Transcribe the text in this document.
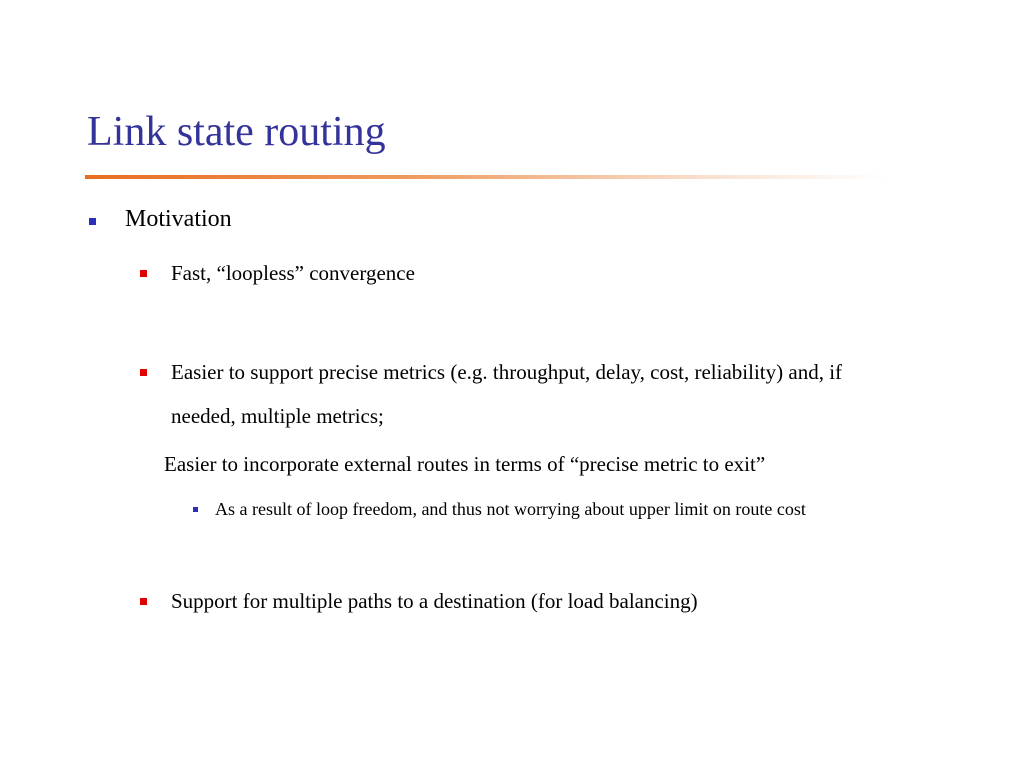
Link state routing
Motivation
Fast, “loopless” convergence
Easier to support precise metrics (e.g. throughput, delay, cost, reliability) and, if
needed, multiple metrics;
Easier to incorporate external routes in terms of “precise metric to exit”
As a result of loop freedom, and thus not worrying about upper limit on route cost
Support for multiple paths to a destination (for load balancing)
